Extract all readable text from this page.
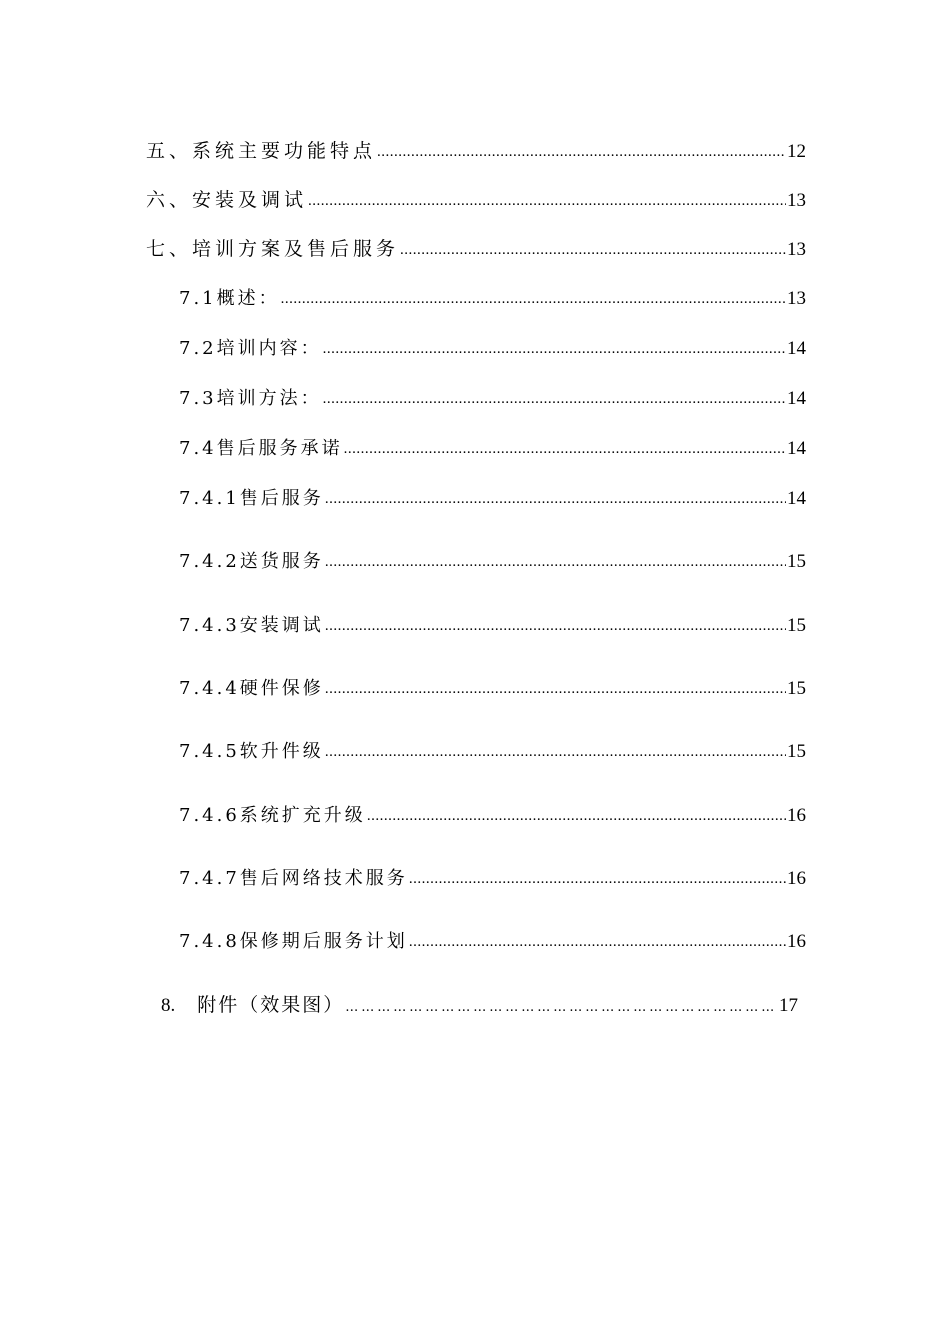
五、系统主要功能特点 .....	12
六、安装及调试 .....	13
七、培训方案及售后服务 .....	13
7.1概述： .....	13
7.2培训内容： .....	14
7.3培训方法： .....	14
7.4售后服务承诺 .....	14
7.4.1售后服务 .....	14
7.4.2送货服务 .....	15
7.4.3安装调试 .....	15
7.4.4硬件保修 .....	15
7.4.5软升件级 .....	15
7.4.6系统扩充升级 .....	16
7.4.7售后网络技术服务 .....	16
7.4.8保修期后服务计划 .....	16
8. 附件（效果图） …………………………………………………………………………………………………………	17
